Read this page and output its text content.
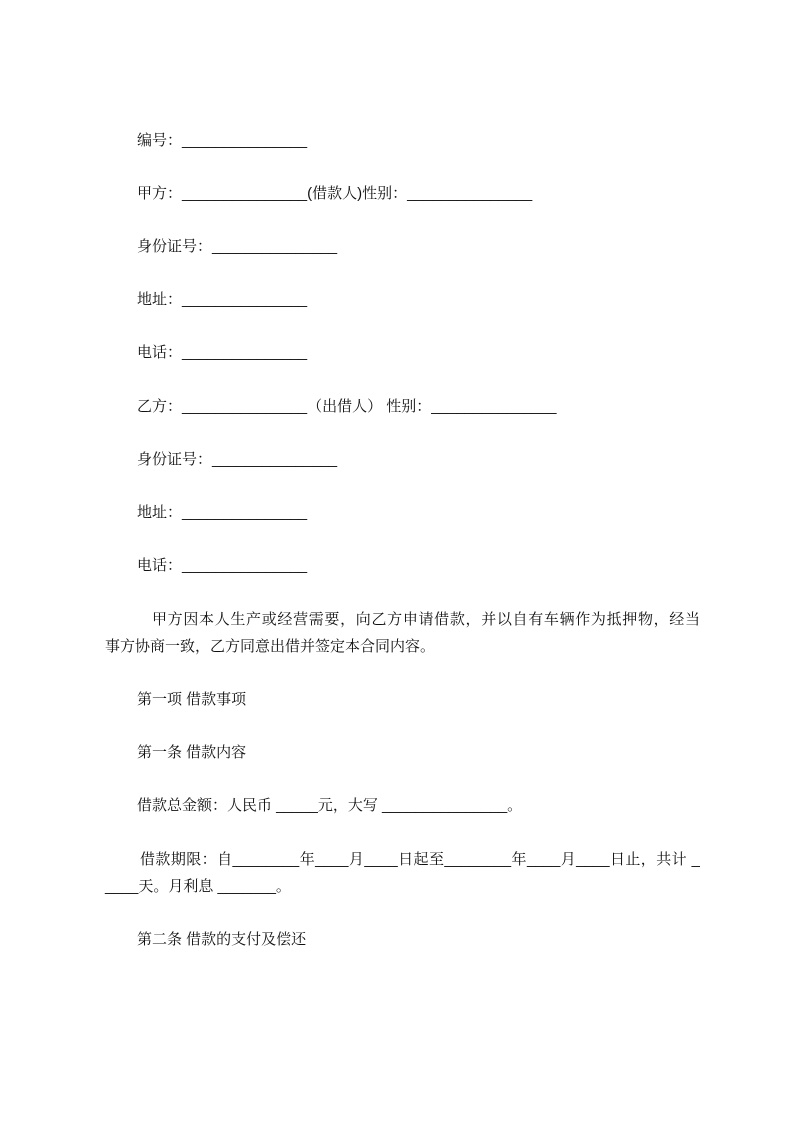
编号：_______________
甲方：_______________(借款人)性别：_______________
身份证号：_______________
地址：_______________
电话：_______________
乙方：_______________（出借人） 性别：_______________
身份证号：_______________
地址：_______________
电话：_______________
甲方因本人生产或经营需要，向乙方申请借款，并以自有车辆作为抵押物，经当
事方协商一致，乙方同意出借并签定本合同内容。
第一项 借款事项
第一条 借款内容
借款总金额：人民币 _____元，大写 _______________。
借款期限：自________年____月____日起至________年____月____日止，共计 _
____天。月利息 _______。
第二条 借款的支付及偿还
